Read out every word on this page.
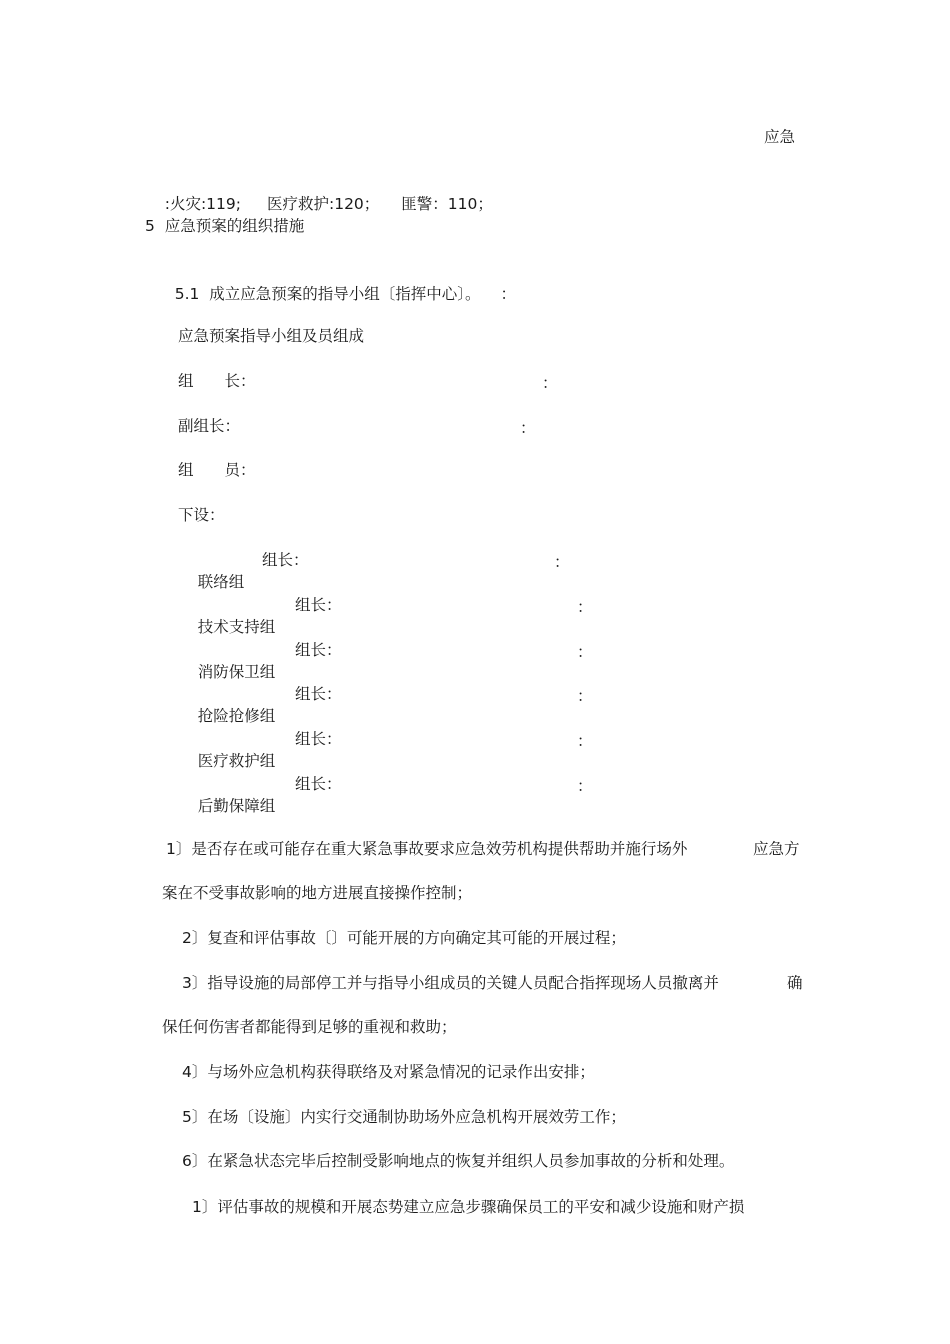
应急

:火灾:119; 医疗救护:120； 匪警：110；

5  应急预案的组织措施

5.1  成立应急预案的指导小组〔指挥中心〕。 ：

应急预案指导小组及员组成
组　　长：	：
副组长：	：
组　　员：
下设：

联络组

组长：	：

技术支持组

组长：	：

消防保卫组

组长：	：

抢险抢修组

组长：	：

医疗救护组

组长：	：

后勤保障组

组长：	：
1〕是否存在或可能存在重大紧急事故要求应急效劳机构提供帮助并施行场外	应急方
案在不受事故影响的地方进展直接操作控制；
2〕复查和评估事故〔〕可能开展的方向确定其可能的开展过程；
3〕指导设施的局部停工并与指导小组成员的关键人员配合指挥现场人员撤离并	确
保任何伤害者都能得到足够的重视和救助；
4〕与场外应急机构获得联络及对紧急情况的记录作出安排；
5〕在场〔设施〕内实行交通制协助场外应急机构开展效劳工作；
6〕在紧急状态完毕后控制受影响地点的恢复并组织人员参加事故的分析和处理。
1〕评估事故的规模和开展态势建立应急步骤确保员工的平安和减少设施和财产损
